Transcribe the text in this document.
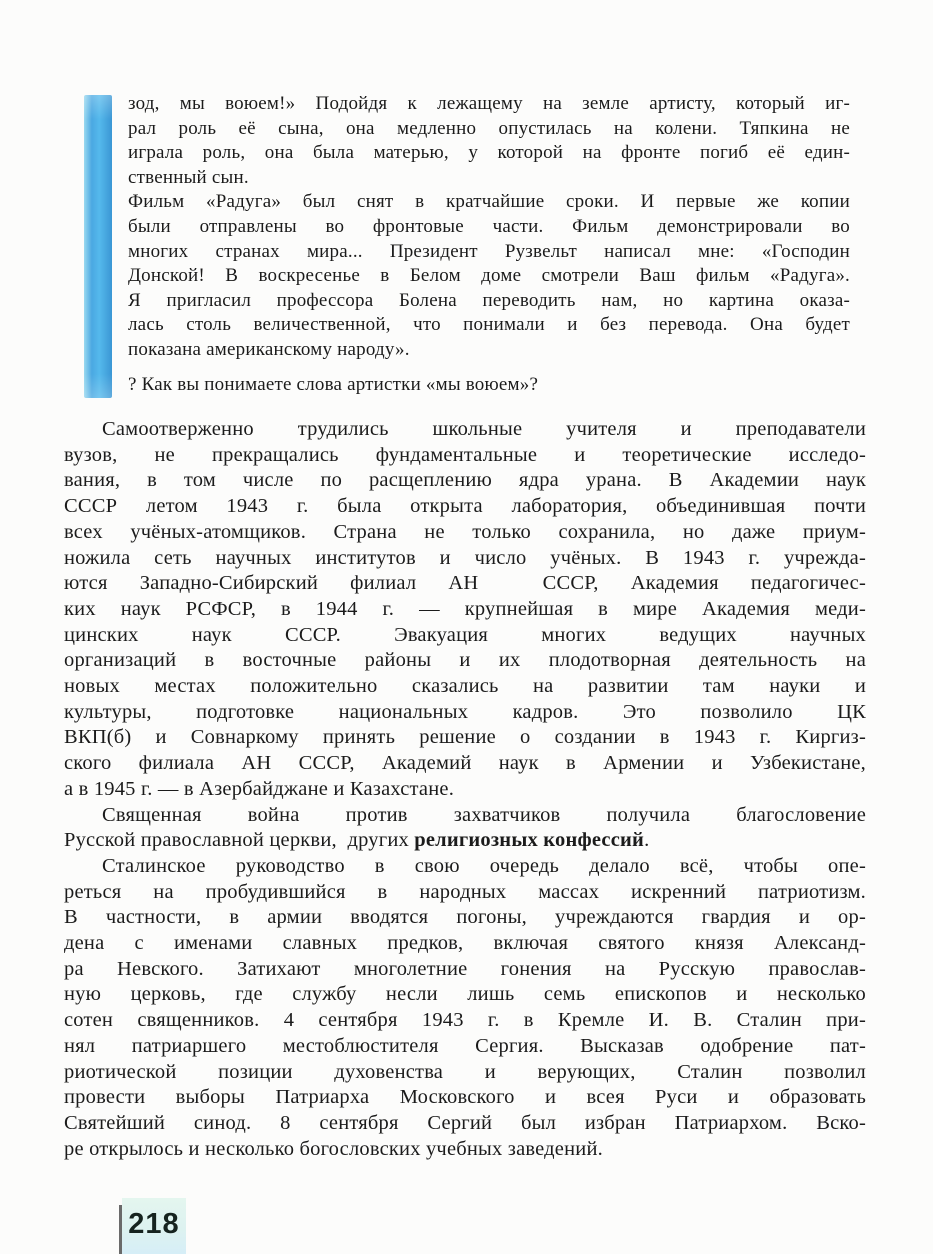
зод, мы воюем!» Подойдя к лежащему на земле артисту, который иг-
рал роль её сына, она медленно опустилась на колени. Тяпкина не
играла роль, она была матерью, у которой на фронте погиб её един-
ственный сын.
Фильм «Радуга» был снят в кратчайшие сроки. И первые же копии
были отправлены во фронтовые части. Фильм демонстрировали во
многих странах мира... Президент Рузвельт написал мне: «Господин
Донской! В воскресенье в Белом доме смотрели Ваш фильм «Радуга».
Я пригласил профессора Болена переводить нам, но картина оказа-
лась столь величественной, что понимали и без перевода. Она будет
показана американскому народу».
? Как вы понимаете слова артистки «мы воюем»?
Самоотверженно трудились школьные учителя и преподаватели
вузов, не прекращались фундаментальные и теоретические исследо-
вания, в том числе по расщеплению ядра урана. В Академии наук
СССР летом 1943 г. была открыта лаборатория, объединившая почти
всех учёных-атомщиков. Страна не только сохранила, но даже приум-
ножила сеть научных институтов и число учёных. В 1943 г. учрежда-
ются Западно-Сибирский филиал АН  СССР, Академия педагогичес-
ких наук РСФСР, в 1944 г. — крупнейшая в мире Академия меди-
цинских наук СССР. Эвакуация многих ведущих научных
организаций в восточные районы и их плодотворная деятельность на
новых местах положительно сказались на развитии там науки и
культуры, подготовке национальных кадров. Это позволило ЦК
ВКП(б) и Совнаркому принять решение о создании в 1943 г. Киргиз-
ского филиала АН СССР, Академий наук в Армении и Узбекистане,
а в 1945 г. — в Азербайджане и Казахстане.
Священная война против захватчиков получила благословение
Русской православной церкви,  других религиозных конфессий.
Сталинское руководство в свою очередь делало всё, чтобы опе-
реться на пробудившийся в народных массах искренний патриотизм.
В частности, в армии вводятся погоны, учреждаются гвардия и ор-
дена с именами славных предков, включая святого князя Александ-
ра Невского. Затихают многолетние гонения на Русскую православ-
ную церковь, где службу несли лишь семь епископов и несколько
сотен священников. 4 сентября 1943 г. в Кремле И. В. Сталин при-
нял патриаршего местоблюстителя Сергия. Высказав одобрение пат-
риотической позиции духовенства и верующих, Сталин позволил
провести выборы Патриарха Московского и всея Руси и образовать
Святейший синод. 8 сентября Сергий был избран Патриархом. Вско-
ре открылось и несколько богословских учебных заведений.
218
